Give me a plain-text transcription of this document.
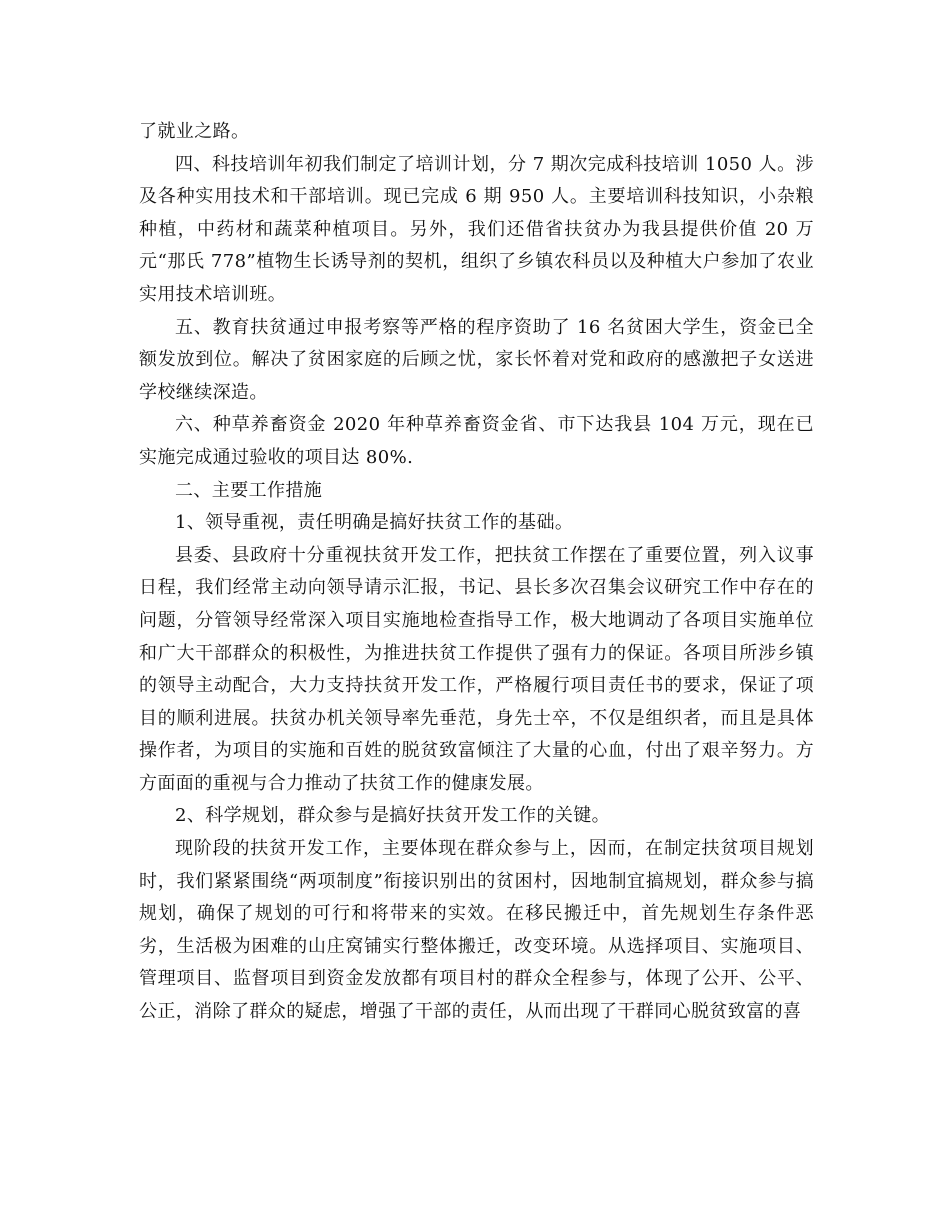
了就业之路。

四、科技培训年初我们制定了培训计划，分 7 期次完成科技培训 1050 人。涉及各种实用技术和干部培训。现已完成 6 期 950 人。主要培训科技知识，小杂粮种植，中药材和蔬菜种植项目。另外，我们还借省扶贫办为我县提供价值 20 万元“那氏 778”植物生长诱导剂的契机，组织了乡镇农科员以及种植大户参加了农业实用技术培训班。

五、教育扶贫通过申报考察等严格的程序资助了 16 名贫困大学生，资金已全额发放到位。解决了贫困家庭的后顾之忧，家长怀着对党和政府的感激把子女送进学校继续深造。

六、种草养畜资金 2020 年种草养畜资金省、市下达我县 104 万元，现在已实施完成通过验收的项目达 80%.

二、主要工作措施

1、领导重视，责任明确是搞好扶贫工作的基础。

县委、县政府十分重视扶贫开发工作，把扶贫工作摆在了重要位置，列入议事日程，我们经常主动向领导请示汇报，书记、县长多次召集会议研究工作中存在的问题，分管领导经常深入项目实施地检查指导工作，极大地调动了各项目实施单位和广大干部群众的积极性，为推进扶贫工作提供了强有力的保证。各项目所涉乡镇的领导主动配合，大力支持扶贫开发工作，严格履行项目责任书的要求，保证了项目的顺利进展。扶贫办机关领导率先垂范，身先士卒，不仅是组织者，而且是具体操作者，为项目的实施和百姓的脱贫致富倾注了大量的心血，付出了艰辛努力。方方面面的重视与合力推动了扶贫工作的健康发展。

2、科学规划，群众参与是搞好扶贫开发工作的关键。

现阶段的扶贫开发工作，主要体现在群众参与上，因而，在制定扶贫项目规划时，我们紧紧围绕“两项制度”衔接识别出的贫困村，因地制宜搞规划，群众参与搞规划，确保了规划的可行和将带来的实效。在移民搬迁中，首先规划生存条件恶劣，生活极为困难的山庄窝铺实行整体搬迁，改变环境。从选择项目、实施项目、管理项目、监督项目到资金发放都有项目村的群众全程参与，体现了公开、公平、公正，消除了群众的疑虑，增强了干部的责任，从而出现了干群同心脱贫致富的喜
